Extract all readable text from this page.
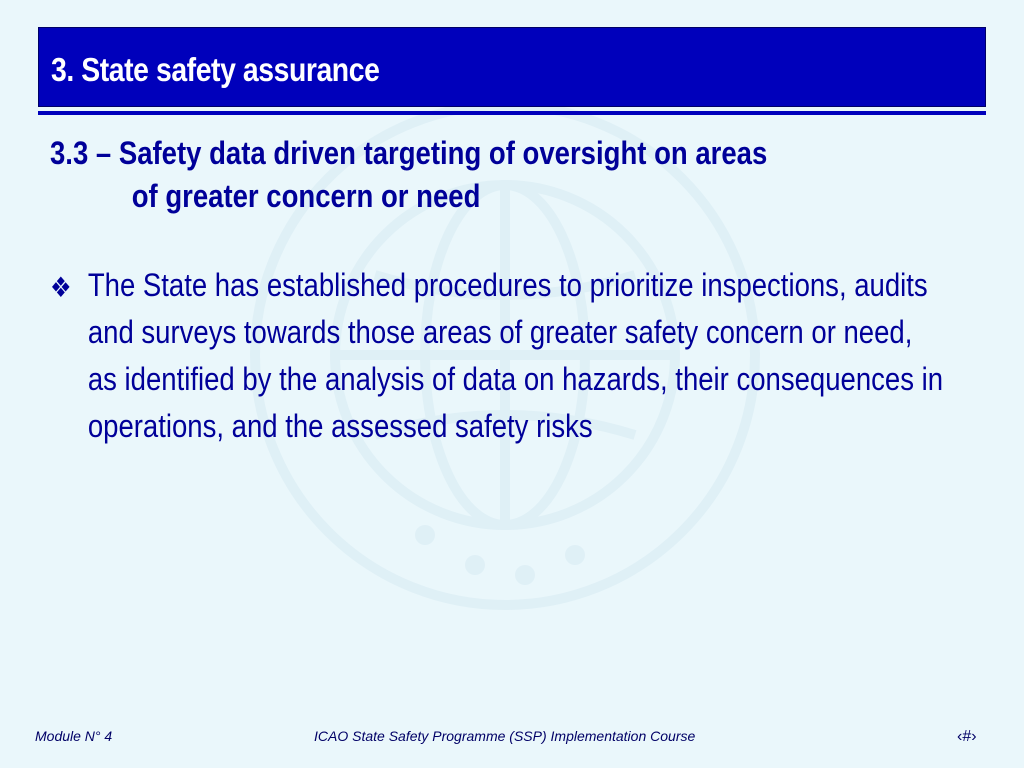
3. State safety assurance
3.3 – Safety data driven targeting of oversight on areas
of greater concern or need
❖ The State has established procedures to prioritize inspections, audits and surveys towards those areas of greater safety concern or need, as identified by the analysis of data on hazards, their consequences in operations, and the assessed safety risks
Module N° 4	ICAO State Safety Programme (SSP) Implementation Course	‹#›
